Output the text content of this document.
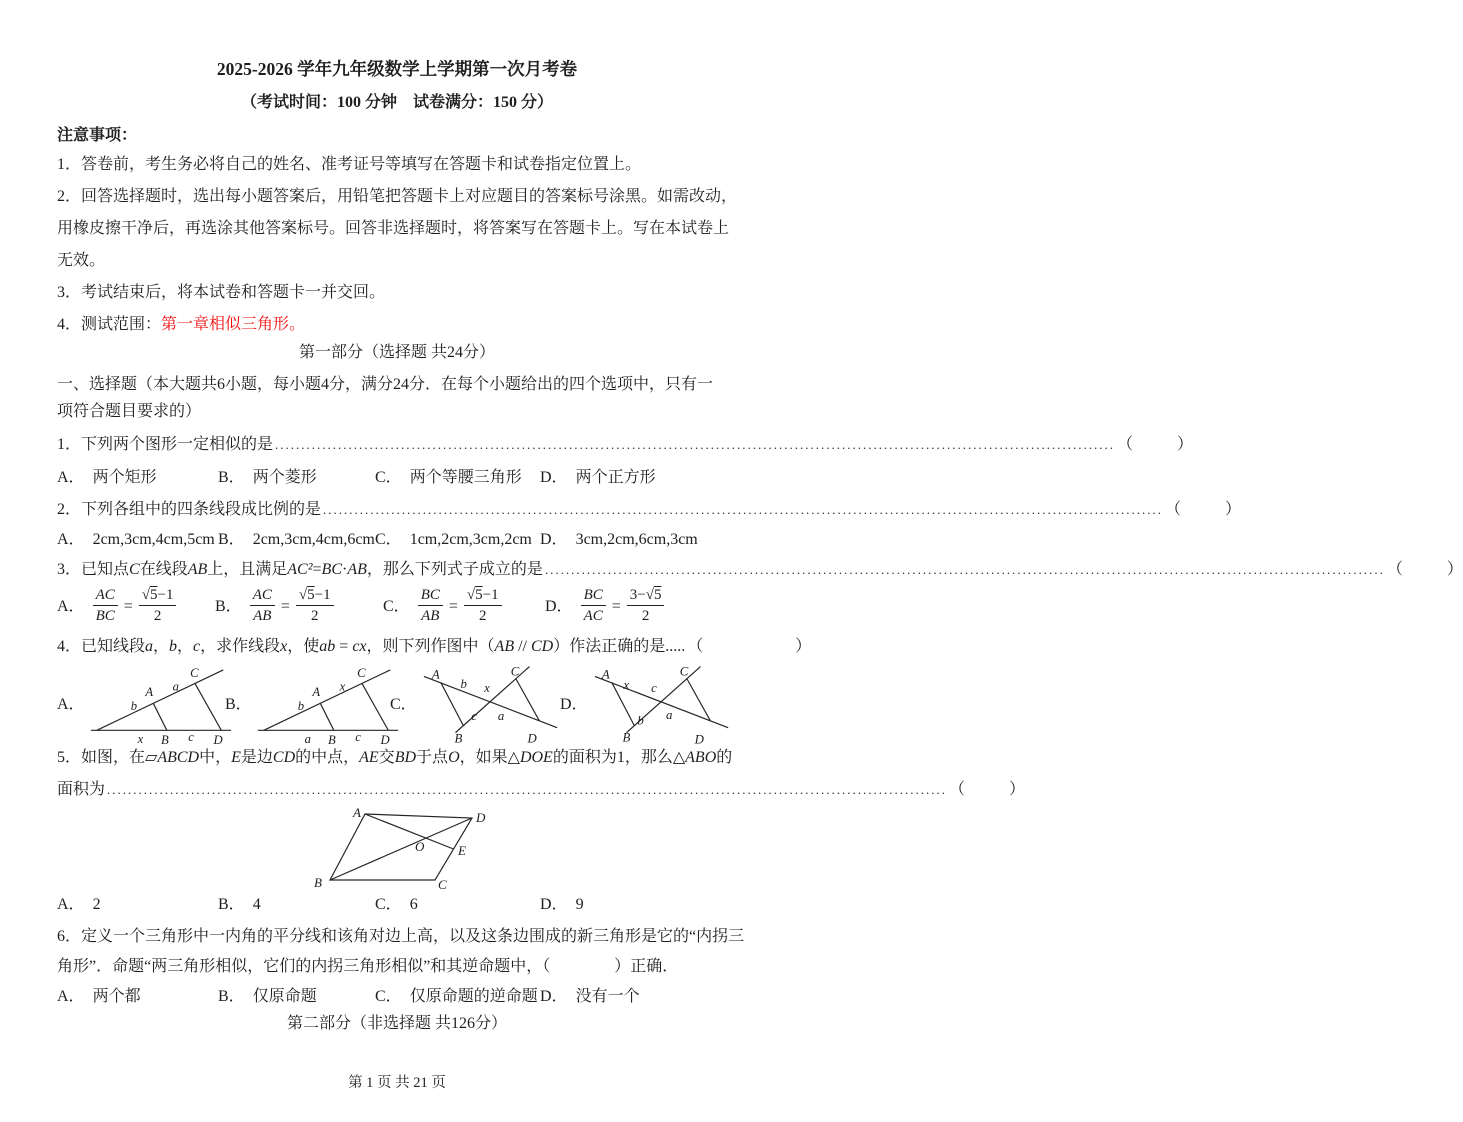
2025-2026 学年九年级数学上学期第一次月考卷
（考试时间：100 分钟　试卷满分：150 分）
注意事项：
1．答卷前，考生务必将自己的姓名、准考证号等填写在答题卡和试卷指定位置上。
2．回答选择题时，选出每小题答案后，用铅笔把答题卡上对应题目的答案标号涂黑。如需改动，
用橡皮擦干净后，再选涂其他答案标号。回答非选择题时，将答案写在答题卡上。写在本试卷上
无效。
3．考试结束后，将本试卷和答题卡一并交回。
4．测试范围：第一章相似三角形。
第一部分（选择题 共24分）
一、选择题（本大题共6小题，每小题4分，满分24分．在每个小题给出的四个选项中，只有一
项符合题目要求的）
1．下列两个图形一定相似的是 ................................................................................................................................................................ （	）
A． 两个矩形	B． 两个菱形	C． 两个等腰三角形	D． 两个正方形
2．下列各组中的四条线段成比例的是 ................................................................................................................................................................ （	）
A． 2cm,3cm,4cm,5cm B． 2cm,3cm,4cm,6cm C． 1cm,2cm,3cm,2cm D． 3cm,2cm,6cm,3cm
3．已知点C在线段AB上，且满足AC²=BC·AB，那么下列式子成立的是 ................................................................................................................................................................ （	）
A． $\frac{AC}{BC} = \frac{√5-1}{2}$ B． $\frac{AC}{AB} = \frac{√5-1}{2}$	C． $\frac{BC}{AB} = \frac{√5-1}{2}$	D． $\frac{BC}{AC} = \frac{3-√5}{2}$
4．已知线段a，b，c，求作线段x，使ab = cx，则下列作图中（AB // CD）作法正确的是..... （	）
A．	b
A a
C
x B c D
B．	b
A x
C
a B c D
C．
A
b x
C
B
c a
D
D．
A
x c
C
B
b a
D
5．如图，在▱ABCD中，E是边CD的中点，AE交BD于点O，如果△DOE的面积为1，那么△ABO的
面积为 ................................................................................................................................................................ （	）
A	D
B	C
O	E
A． 2	B． 4	C． 6	D． 9
6．定义一个三角形中一内角的平分线和该角对边上高，以及这条边围成的新三角形是它的“内拐三
角形”．命题“两三角形相似，它们的内拐三角形相似”和其逆命题中，（　　　　）正确．
A． 两个都	B． 仅原命题	C． 仅原命题的逆命题 D． 没有一个
第二部分（非选择题 共126分）
第 1 页 共 21 页
